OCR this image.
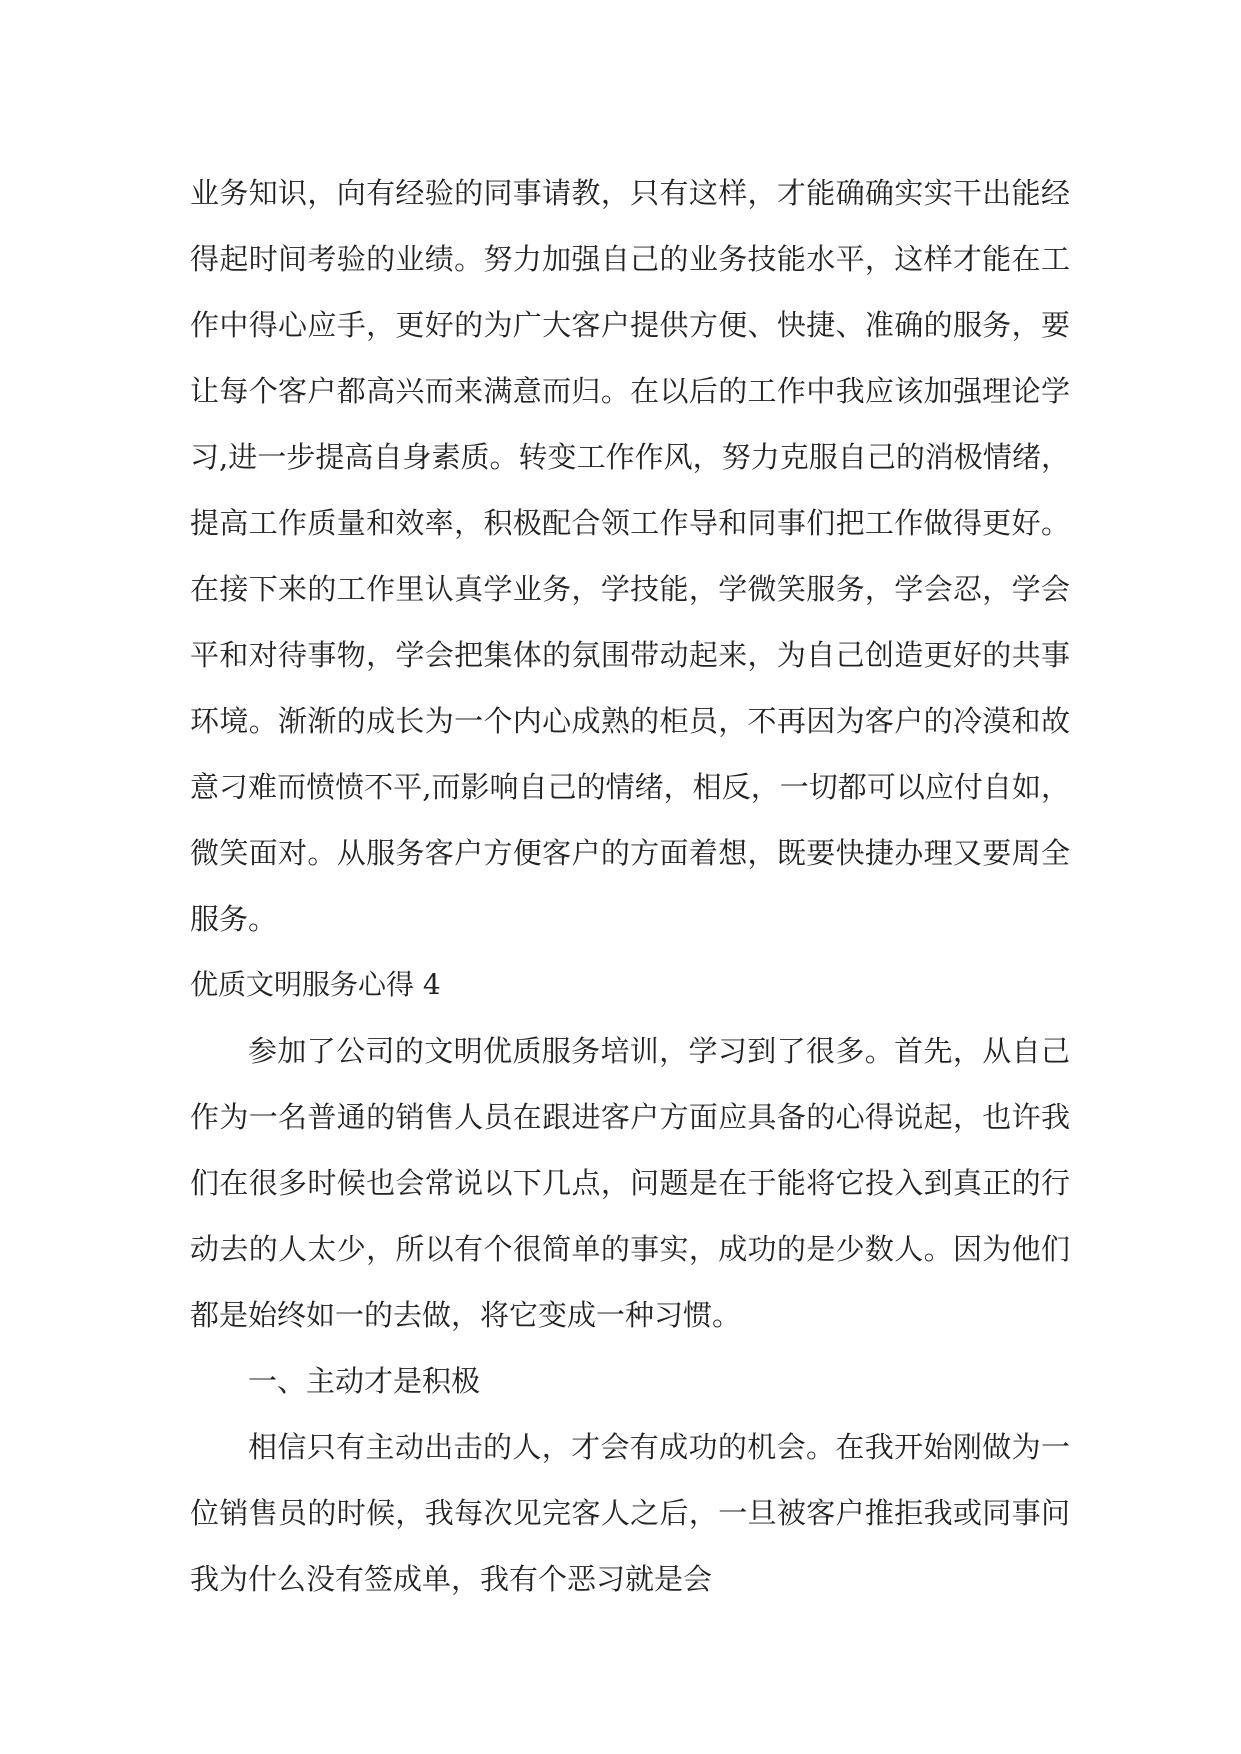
业务知识，向有经验的同事请教，只有这样，才能确确实实干出能经得起时间考验的业绩。努力加强自己的业务技能水平，这样才能在工作中得心应手，更好的为广大客户提供方便、快捷、准确的服务，要让每个客户都高兴而来满意而归。在以后的工作中我应该加强理论学习,进一步提高自身素质。转变工作作风，努力克服自己的消极情绪，提高工作质量和效率，积极配合领工作导和同事们把工作做得更好。在接下来的工作里认真学业务，学技能，学微笑服务，学会忍，学会平和对待事物，学会把集体的氛围带动起来，为自己创造更好的共事环境。渐渐的成长为一个内心成熟的柜员，不再因为客户的冷漠和故意刁难而愤愤不平,而影响自己的情绪，相反，一切都可以应付自如，微笑面对。从服务客户方便客户的方面着想，既要快捷办理又要周全服务。

优质文明服务心得 4

参加了公司的文明优质服务培训，学习到了很多。首先，从自己作为一名普通的销售人员在跟进客户方面应具备的心得说起，也许我们在很多时候也会常说以下几点，问题是在于能将它投入到真正的行动去的人太少，所以有个很简单的事实，成功的是少数人。因为他们都是始终如一的去做，将它变成一种习惯。

一、主动才是积极

相信只有主动出击的人，才会有成功的机会。在我开始刚做为一位销售员的时候，我每次见完客人之后，一旦被客户推拒我或同事问我为什么没有签成单，我有个恶习就是会
